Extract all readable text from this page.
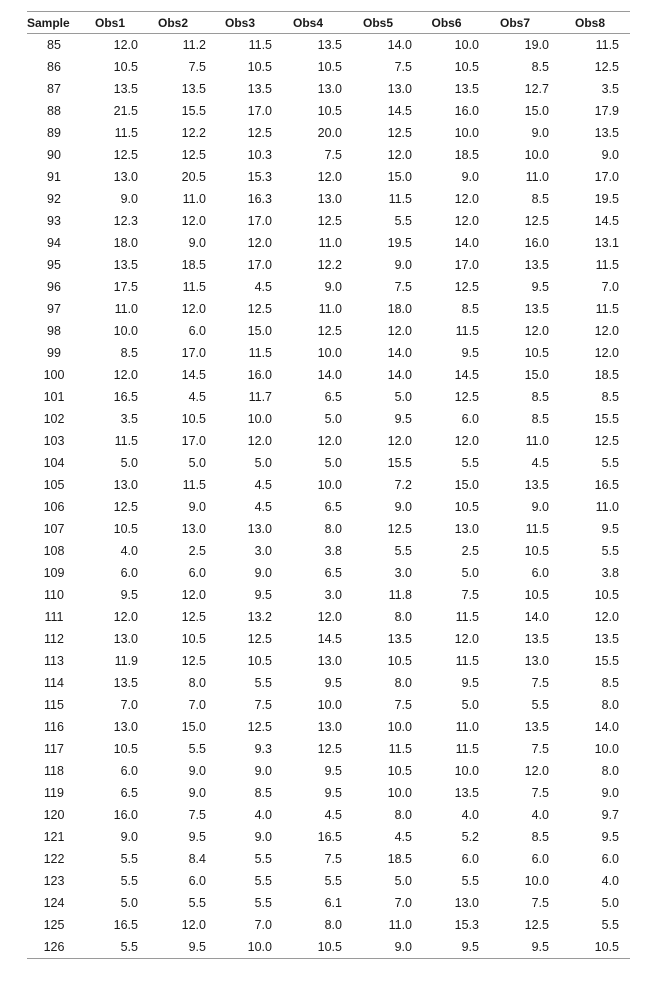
Sample	Obs1	Obs2	Obs3	Obs4	Obs5	Obs6	Obs7	Obs8
85	12.0	11.2	11.5	13.5	14.0	10.0	19.0	11.5
86	10.5	7.5	10.5	10.5	7.5	10.5	8.5	12.5
87	13.5	13.5	13.5	13.0	13.0	13.5	12.7	3.5
88	21.5	15.5	17.0	10.5	14.5	16.0	15.0	17.9
89	11.5	12.2	12.5	20.0	12.5	10.0	9.0	13.5
90	12.5	12.5	10.3	7.5	12.0	18.5	10.0	9.0
91	13.0	20.5	15.3	12.0	15.0	9.0	11.0	17.0
92	9.0	11.0	16.3	13.0	11.5	12.0	8.5	19.5
93	12.3	12.0	17.0	12.5	5.5	12.0	12.5	14.5
94	18.0	9.0	12.0	11.0	19.5	14.0	16.0	13.1
95	13.5	18.5	17.0	12.2	9.0	17.0	13.5	11.5
96	17.5	11.5	4.5	9.0	7.5	12.5	9.5	7.0
97	11.0	12.0	12.5	11.0	18.0	8.5	13.5	11.5
98	10.0	6.0	15.0	12.5	12.0	11.5	12.0	12.0
99	8.5	17.0	11.5	10.0	14.0	9.5	10.5	12.0
100	12.0	14.5	16.0	14.0	14.0	14.5	15.0	18.5
101	16.5	4.5	11.7	6.5	5.0	12.5	8.5	8.5
102	3.5	10.5	10.0	5.0	9.5	6.0	8.5	15.5
103	11.5	17.0	12.0	12.0	12.0	12.0	11.0	12.5
104	5.0	5.0	5.0	5.0	15.5	5.5	4.5	5.5
105	13.0	11.5	4.5	10.0	7.2	15.0	13.5	16.5
106	12.5	9.0	4.5	6.5	9.0	10.5	9.0	11.0
107	10.5	13.0	13.0	8.0	12.5	13.0	11.5	9.5
108	4.0	2.5	3.0	3.8	5.5	2.5	10.5	5.5
109	6.0	6.0	9.0	6.5	3.0	5.0	6.0	3.8
110	9.5	12.0	9.5	3.0	11.8	7.5	10.5	10.5
111	12.0	12.5	13.2	12.0	8.0	11.5	14.0	12.0
112	13.0	10.5	12.5	14.5	13.5	12.0	13.5	13.5
113	11.9	12.5	10.5	13.0	10.5	11.5	13.0	15.5
114	13.5	8.0	5.5	9.5	8.0	9.5	7.5	8.5
115	7.0	7.0	7.5	10.0	7.5	5.0	5.5	8.0
116	13.0	15.0	12.5	13.0	10.0	11.0	13.5	14.0
117	10.5	5.5	9.3	12.5	11.5	11.5	7.5	10.0
118	6.0	9.0	9.0	9.5	10.5	10.0	12.0	8.0
119	6.5	9.0	8.5	9.5	10.0	13.5	7.5	9.0
120	16.0	7.5	4.0	4.5	8.0	4.0	4.0	9.7
121	9.0	9.5	9.0	16.5	4.5	5.2	8.5	9.5
122	5.5	8.4	5.5	7.5	18.5	6.0	6.0	6.0
123	5.5	6.0	5.5	5.5	5.0	5.5	10.0	4.0
124	5.0	5.5	5.5	6.1	7.0	13.0	7.5	5.0
125	16.5	12.0	7.0	8.0	11.0	15.3	12.5	5.5
126	5.5	9.5	10.0	10.5	9.0	9.5	9.5	10.5
